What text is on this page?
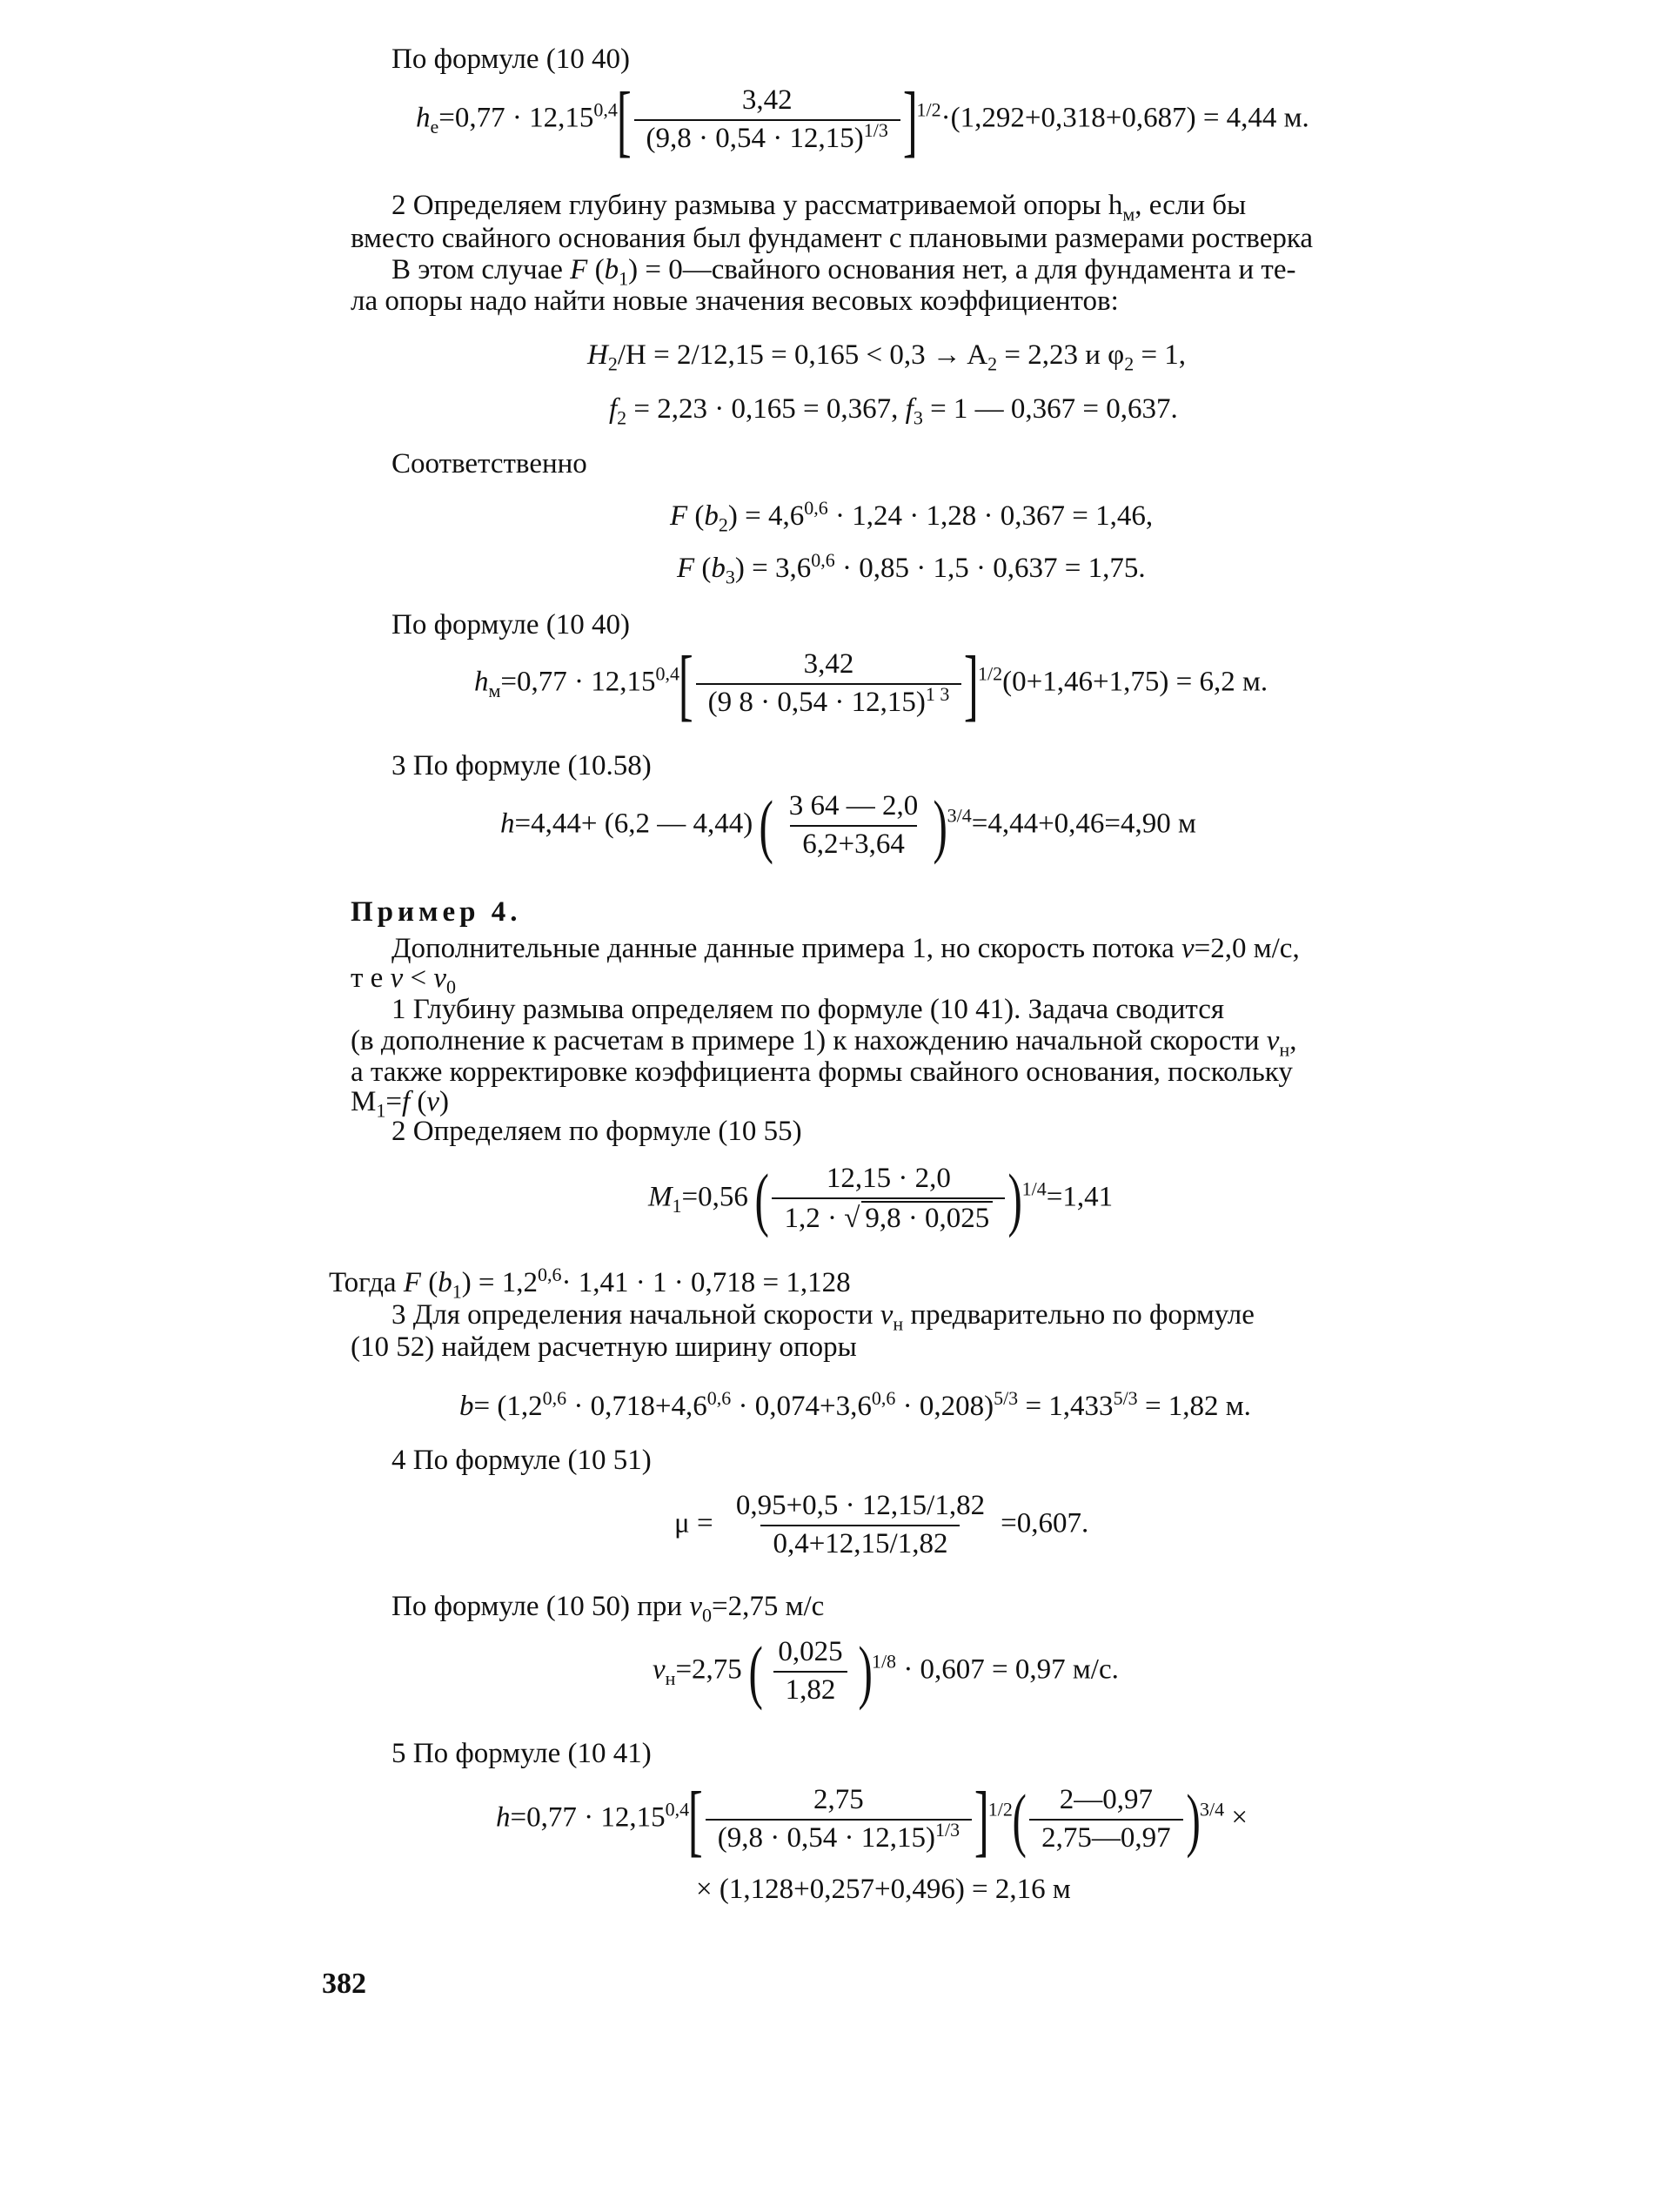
По формуле (10 40)
$h_e=0,77 \cdot 12,15^{0,4}[ \frac{3,42}{(9,8 \cdot 0,54 \cdot 12,15)^{1/3}} ]^{1/2}\cdot(1,292+0,318+0,687) = 4,44$ м.
2 Определяем глубину размыва у рассматриваемой опоры $h_м$, если бы
вместо свайного основания был фундамент с плановыми размерами ростверка
В этом случае F $(b_1)$ = 0—свайного основания нет, а для фундамента и те-
ла опоры надо найти новые значения весовых коэффициентов:
$H_2/H = 2/12,15 = 0,165 < 0,3 \to A_2 = 2,23$ и $\varphi_2 = 1$,
$f_2 = 2,23 \cdot 0,165 = 0,367$, $f_3 = 1$ — 0,367 = 0,637.
Соответственно
F $(b_2) = 4,6^{0,6} \cdot 1,24 \cdot 1,28 \cdot 0,367 = 1,46$,
F $(b_3) = 3,6^{0,6} \cdot 0,85 \cdot 1,5 \cdot 0,637 = 1,75$.
По формуле (10 40)
$h_м=0,77 \cdot 12,15^{0,4}[ \frac{3,42}{(9 8 \cdot 0,54 \cdot 12,15)^{1 3}} ]^{1/2}(0+1,46+1,75) = 6,2$ м.
3 По формуле (10.58)
h=4,44+ (6,2 — 4,44) ( $\frac{3 64 — 2,0}{6,2+3,64} )^{3/4}=4,44+0,46=4,90$ м
Пример 4.
Дополнительные данные данные примера 1, но скорость потока v=2,0 м/с,
т е $v < v_0$
1 Глубину размыва определяем по формуле (10 41). Задача сводится
(в дополнение к расчетам в примере 1) к нахождению начальной скорости $v_н$,
а также корректировке коэффициента формы свайного основания, поскольку
$M_1=f$ (v)
2 Определяем по формуле (10 55)
$M_1=0,56$ ( $\frac{12,15 \cdot 2,0}{1,2 \cdot √ 9,8 \cdot 0,025} )^{1/4}=1,41$
Тогда F $(b_1) = 1,2^{0,6}\cdot 1,41 \cdot 1 \cdot 0,718 = 1,128$
3 Для определения начальной скорости $v_н$ предварительно по формуле
(10 52) найдем расчетную ширину опоры
$b= (1,2^{0,6} \cdot 0,718+4,6^{0,6} \cdot 0,074+3,6^{0,6} \cdot 0,208)^{5/3} = 1,433^{5/3} = 1,82$ м.
4 По формуле (10 51)
$\mu = \frac{0,95+0,5 \cdot 12,15/1,82}{0,4+12,15/1,82} =0,607$.
По формуле (10 50) при $v_0=2,75$ м/с
$v_н=2,75$ ( $\frac{0,025}{1,82} )^{1/8} \cdot 0,607 = 0,97$ м/с.
5 По формуле (10 41)
$h=0,77 \cdot 12,15^{0,4}[ \frac{2,75}{(9,8 \cdot 0,54 \cdot 12,15)^{1/3}} ]^{1/2}( \frac{2—0,97}{2,75—0,97} )^{3/4}$ ×
× (1,128+0,257+0,496) = 2,16 м
382
